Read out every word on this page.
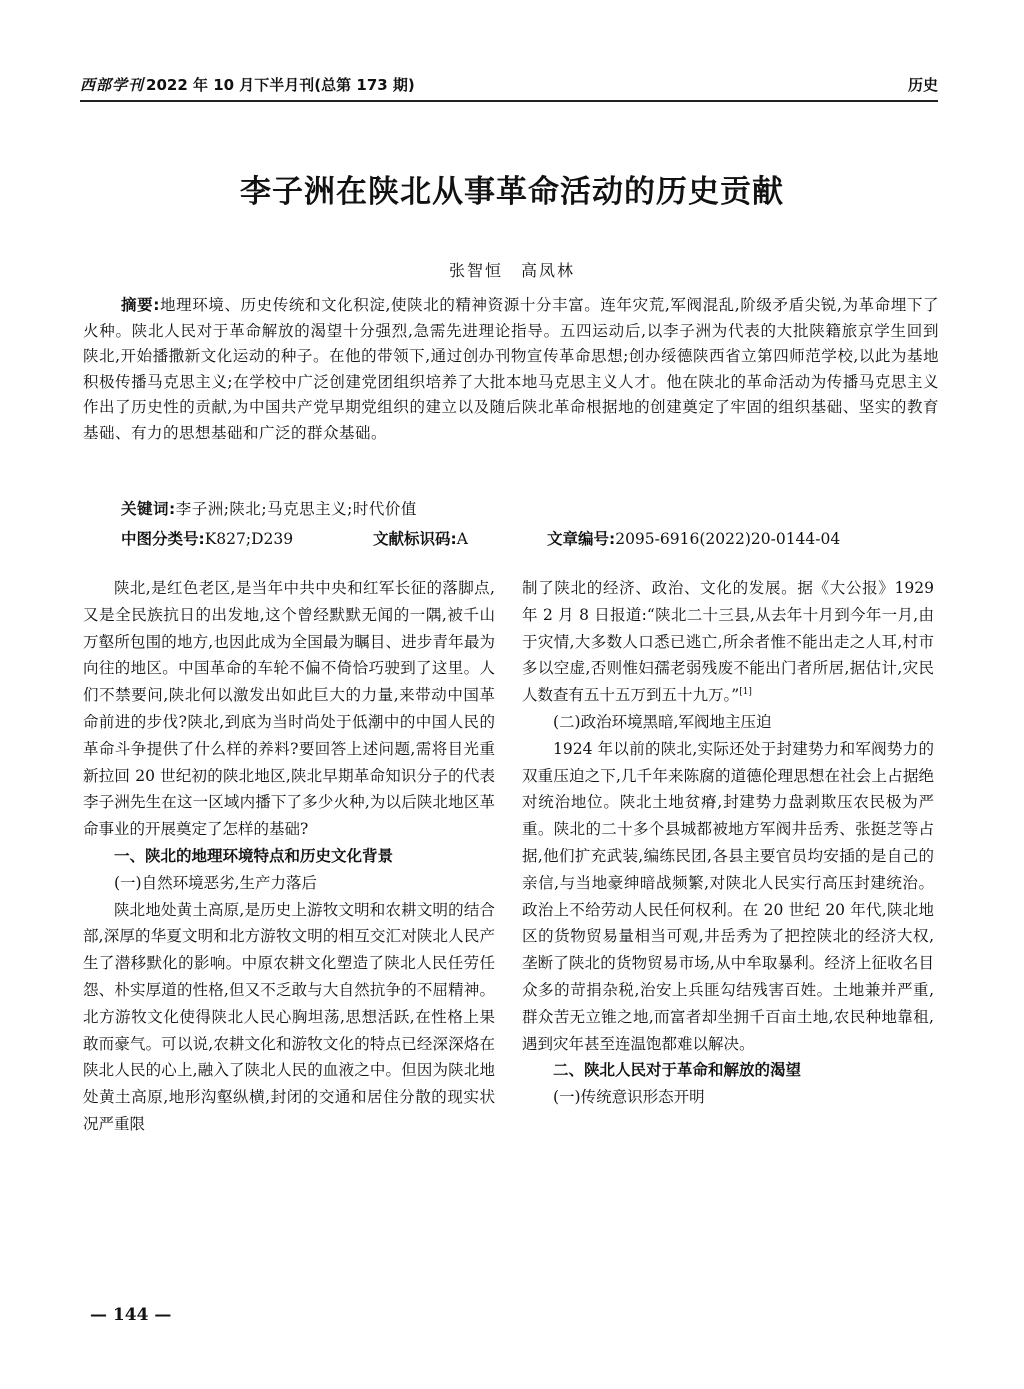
西部学刊 2022 年 10 月下半月刊(总第 173 期)	历史
李子洲在陕北从事革命活动的历史贡献
张智恒　高凤林

摘要:地理环境、历史传统和文化积淀,使陕北的精神资源十分丰富。连年灾荒,军阀混乱,阶级矛盾尖锐,为革命埋下了火种。陕北人民对于革命解放的渴望十分强烈,急需先进理论指导。五四运动后,以李子洲为代表的大批陕籍旅京学生回到陕北,开始播撒新文化运动的种子。在他的带领下,通过创办刊物宣传革命思想;创办绥德陕西省立第四师范学校,以此为基地积极传播马克思主义;在学校中广泛创建党团组织培养了大批本地马克思主义人才。他在陕北的革命活动为传播马克思主义作出了历史性的贡献,为中国共产党早期党组织的建立以及随后陕北革命根据地的创建奠定了牢固的组织基础、坚实的教育基础、有力的思想基础和广泛的群众基础。

关键词:李子洲;陕北;马克思主义;时代价值
中图分类号:K827;D239	文献标识码:A	文章编号:2095-6916(2022)20-0144-04

陕北,是红色老区,是当年中共中央和红军长征的落脚点,又是全民族抗日的出发地,这个曾经默默无闻的一隅,被千山万壑所包围的地方,也因此成为全国最为瞩目、进步青年最为向往的地区。中国革命的车轮不偏不倚恰巧驶到了这里。人们不禁要问,陕北何以激发出如此巨大的力量,来带动中国革命前进的步伐?陕北,到底为当时尚处于低潮中的中国人民的革命斗争提供了什么样的养料?要回答上述问题,需将目光重新拉回 20 世纪初的陕北地区,陕北早期革命知识分子的代表李子洲先生在这一区域内播下了多少火种,为以后陕北地区革命事业的开展奠定了怎样的基础?

一、陕北的地理环境特点和历史文化背景
(一)自然环境恶劣,生产力落后

陕北地处黄土高原,是历史上游牧文明和农耕文明的结合部,深厚的华夏文明和北方游牧文明的相互交汇对陕北人民产生了潜移默化的影响。中原农耕文化塑造了陕北人民任劳任怨、朴实厚道的性格,但又不乏敢与大自然抗争的不屈精神。北方游牧文化使得陕北人民心胸坦荡,思想活跃,在性格上果敢而豪气。可以说,农耕文化和游牧文化的特点已经深深烙在陕北人民的心上,融入了陕北人民的血液之中。但因为陕北地处黄土高原,地形沟壑纵横,封闭的交通和居住分散的现实状况严重限

制了陕北的经济、政治、文化的发展。据《大公报》1929 年 2 月 8 日报道:“陕北二十三县,从去年十月到今年一月,由于灾情,大多数人口悉已逃亡,所余者惟不能出走之人耳,村市多以空虚,否则惟妇孺老弱残废不能出门者所居,据估计,灾民人数查有五十五万到五十九万。”[1]

(二)政治环境黑暗,军阀地主压迫

1924 年以前的陕北,实际还处于封建势力和军阀势力的双重压迫之下,几千年来陈腐的道德伦理思想在社会上占据绝对统治地位。陕北土地贫瘠,封建势力盘剥欺压农民极为严重。陕北的二十多个县城都被地方军阀井岳秀、张挺芝等占据,他们扩充武装,编练民团,各县主要官员均安插的是自己的亲信,与当地豪绅暗战频繁,对陕北人民实行高压封建统治。政治上不给劳动人民任何权利。在 20 世纪 20 年代,陕北地区的货物贸易量相当可观,井岳秀为了把控陕北的经济大权,垄断了陕北的货物贸易市场,从中牟取暴利。经济上征收名目众多的苛捐杂税,治安上兵匪勾结残害百姓。土地兼并严重,群众苦无立锥之地,而富者却坐拥千百亩土地,农民种地靠租,遇到灾年甚至连温饱都难以解决。

二、陕北人民对于革命和解放的渴望
(一)传统意识形态开明
— 144 —
